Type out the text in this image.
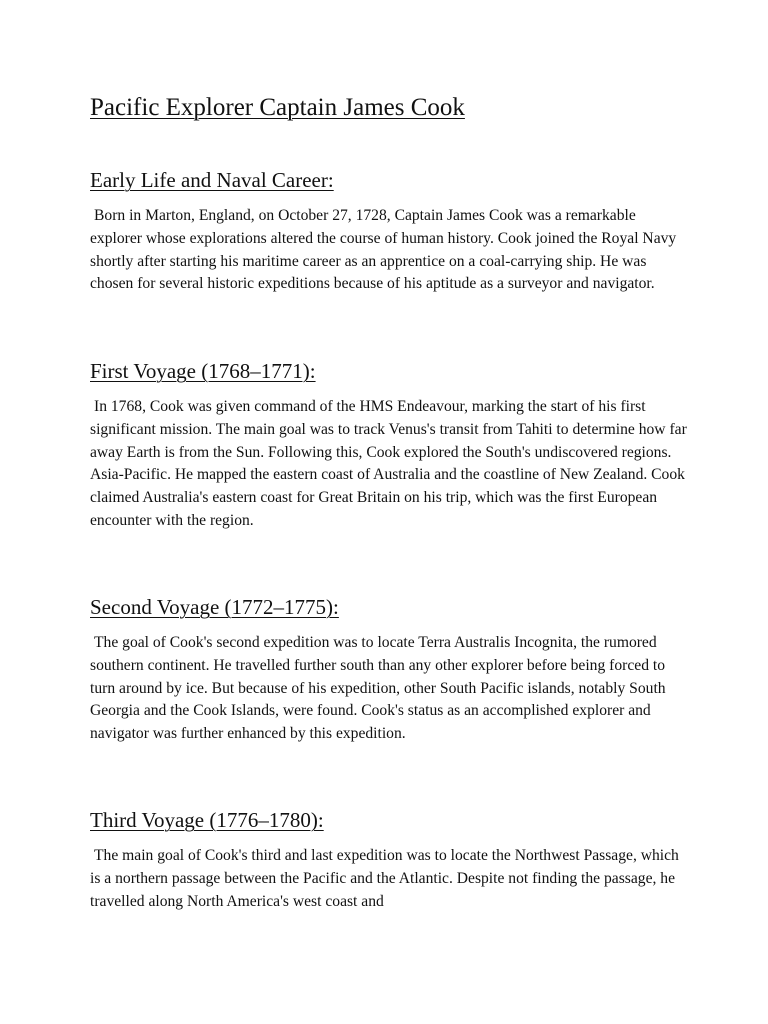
Pacific Explorer Captain James Cook
Early Life and Naval Career:

Born in Marton, England, on October 27, 1728, Captain James Cook was a remarkable explorer whose explorations altered the course of human history. Cook joined the Royal Navy shortly after starting his maritime career as an apprentice on a coal-carrying ship. He was chosen for several historic expeditions because of his aptitude as a surveyor and navigator.

First Voyage (1768–1771):

In 1768, Cook was given command of the HMS Endeavour, marking the start of his first significant mission. The main goal was to track Venus's transit from Tahiti to determine how far away Earth is from the Sun. Following this, Cook explored the South's undiscovered regions. Asia-Pacific. He mapped the eastern coast of Australia and the coastline of New Zealand. Cook claimed Australia's eastern coast for Great Britain on his trip, which was the first European encounter with the region.

Second Voyage (1772–1775):

The goal of Cook's second expedition was to locate Terra Australis Incognita, the rumored southern continent. He travelled further south than any other explorer before being forced to turn around by ice. But because of his expedition, other South Pacific islands, notably South Georgia and the Cook Islands, were found. Cook's status as an accomplished explorer and navigator was further enhanced by this expedition.

Third Voyage (1776–1780):

The main goal of Cook's third and last expedition was to locate the Northwest Passage, which is a northern passage between the Pacific and the Atlantic. Despite not finding the passage, he travelled along North America's west coast and
